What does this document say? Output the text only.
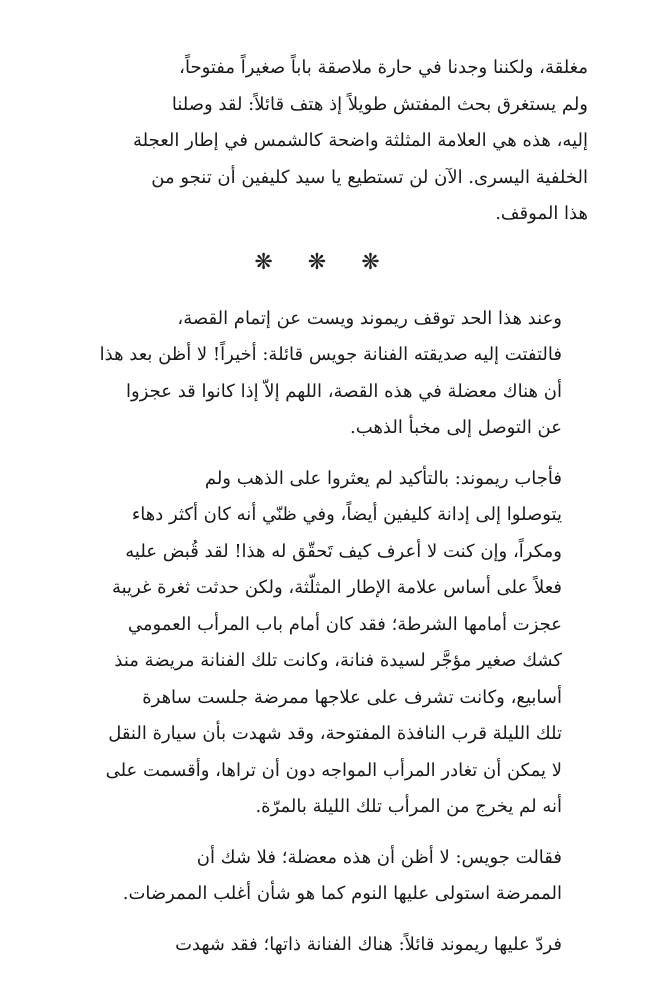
مغلقة، ولكننا وجدنا في حارة ملاصقة باباً صغيراً مفتوحاً،
ولم يستغرق بحث المفتش طويلاً إذ هتف قائلاً: لقد وصلنا
إليه، هذه هي العلامة المثلثة واضحة كالشمس في إطار العجلة
الخلفية اليسرى. الآن لن تستطيع يا سيد كليفين أن تنجو من
هذا الموقف.

❋ ❋ ❋

وعند هذا الحد توقف ريموند ويست عن إتمام القصة،
فالتفتت إليه صديقته الفنانة جويس قائلة: أخيراً! لا أظن بعد هذا
أن هناك معضلة في هذه القصة، اللهم إلاّ إذا كانوا قد عجزوا
عن التوصل إلى مخبأ الذهب.

فأجاب ريموند: بالتأكيد لم يعثروا على الذهب ولم
يتوصلوا إلى إدانة كليفين أيضاً، وفي ظنّي أنه كان أكثر دهاء
ومكراً، وإن كنت لا أعرف كيف تَحقّق له هذا! لقد قُبض عليه
فعلاً على أساس علامة الإطار المثلّثة، ولكن حدثت ثغرة غريبة
عجزت أمامها الشرطة؛ فقد كان أمام باب المرأب العمومي
كشك صغير مؤجَّر لسيدة فنانة، وكانت تلك الفنانة مريضة منذ
أسابيع، وكانت تشرف على علاجها ممرضة جلست ساهرة
تلك الليلة قرب النافذة المفتوحة، وقد شهدت بأن سيارة النقل
لا يمكن أن تغادر المرأب المواجه دون أن تراها، وأقسمت على
أنه لم يخرج من المرأب تلك الليلة بالمرّة.

فقالت جويس: لا أظن أن هذه معضلة؛ فلا شك أن
الممرضة استولى عليها النوم كما هو شأن أغلب الممرضات.

فردّ عليها ريموند قائلاً: هناك الفنانة ذاتها؛ فقد شهدت
